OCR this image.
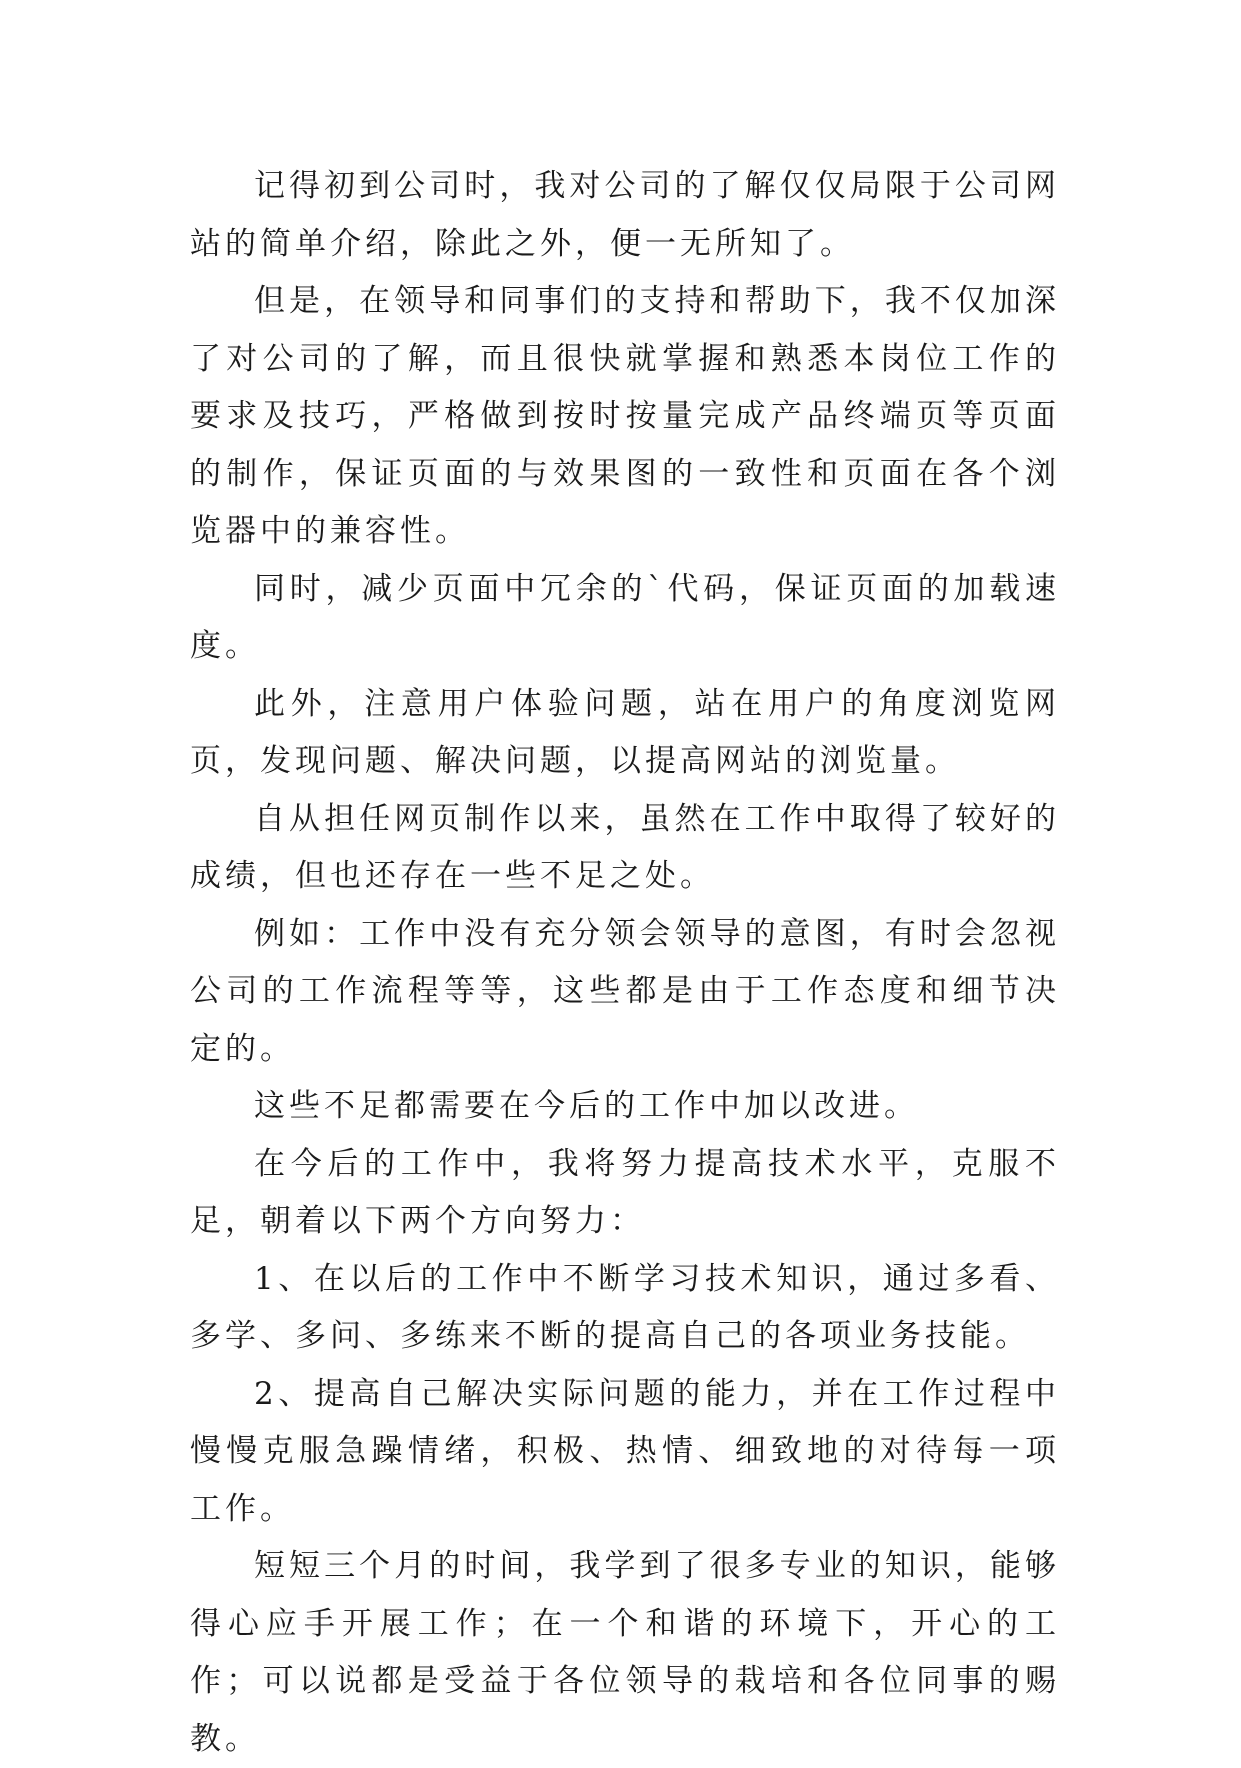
记得初到公司时，我对公司的了解仅仅局限于公司网站的简单介绍，除此之外，便一无所知了。

但是，在领导和同事们的支持和帮助下，我不仅加深了对公司的了解，而且很快就掌握和熟悉本岗位工作的要求及技巧，严格做到按时按量完成产品终端页等页面的制作，保证页面的与效果图的一致性和页面在各个浏览器中的兼容性。

同时，减少页面中冗余的`代码，保证页面的加载速度。

此外，注意用户体验问题，站在用户的角度浏览网页，发现问题、解决问题，以提高网站的浏览量。

自从担任网页制作以来，虽然在工作中取得了较好的成绩，但也还存在一些不足之处。

例如：工作中没有充分领会领导的意图，有时会忽视公司的工作流程等等，这些都是由于工作态度和细节决定的。

这些不足都需要在今后的工作中加以改进。

在今后的工作中，我将努力提高技术水平，克服不足，朝着以下两个方向努力：

1、在以后的工作中不断学习技术知识，通过多看、多学、多问、多练来不断的提高自己的各项业务技能。

2、提高自己解决实际问题的能力，并在工作过程中慢慢克服急躁情绪，积极、热情、细致地的对待每一项工作。

短短三个月的时间，我学到了很多专业的知识，能够得心应手开展工作；在一个和谐的环境下，开心的工作；可以说都是受益于各位领导的栽培和各位同事的赐教。
